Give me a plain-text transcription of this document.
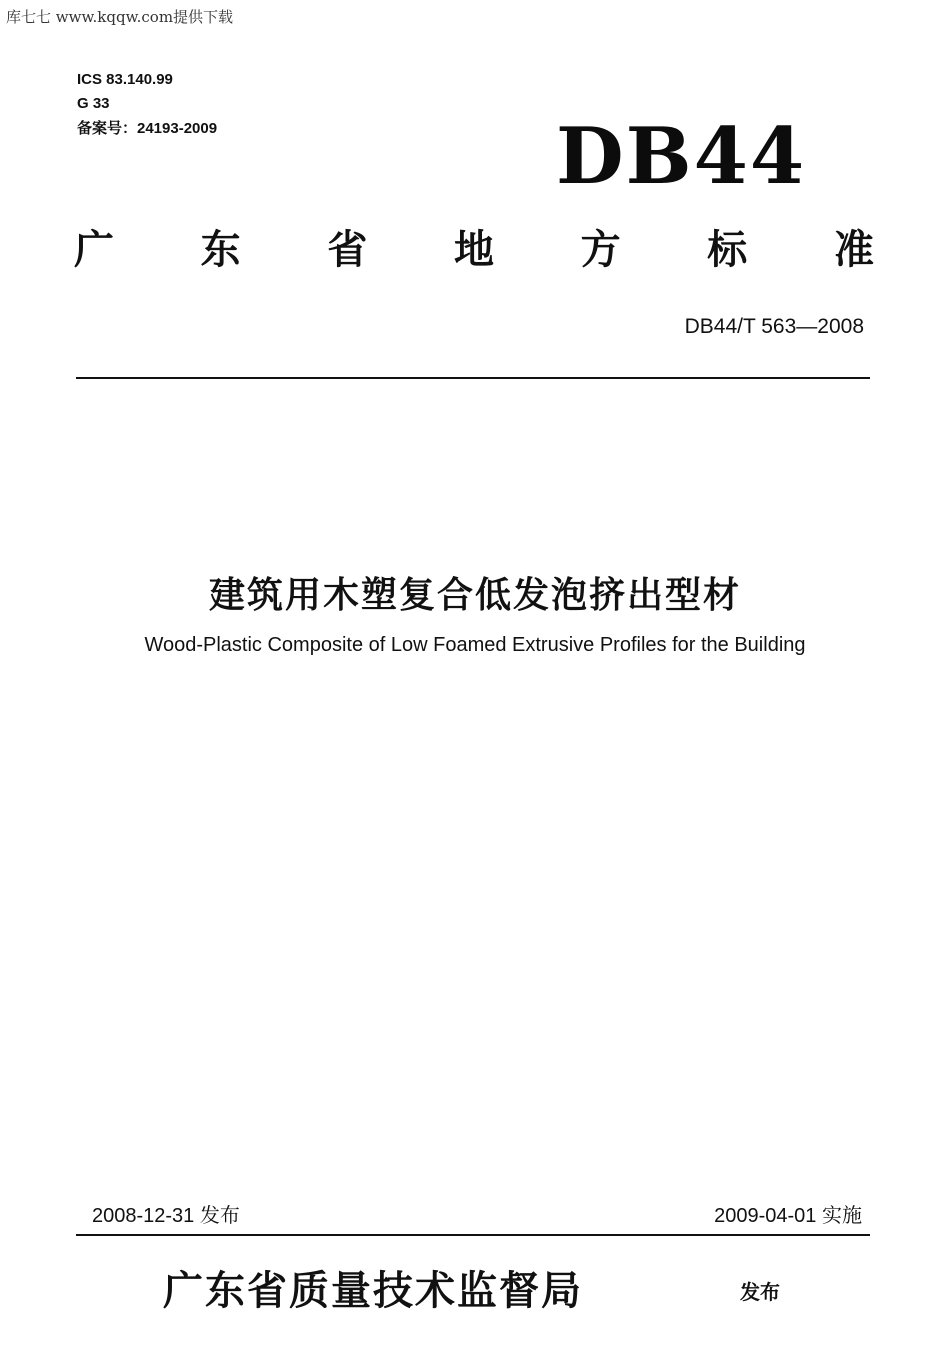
库七七 www.kqqw.com提供下载
ICS 83.140.99
G 33
备案号：24193-2009	DB44
广 东 省 地 方 标 准
DB44/T 563—2008
建筑用木塑复合低发泡挤出型材
Wood-Plastic Composite of Low Foamed Extrusive Profiles for the Building
2008-12-31 发布	2009-04-01 实施
广东省质量技术监督局	发布
